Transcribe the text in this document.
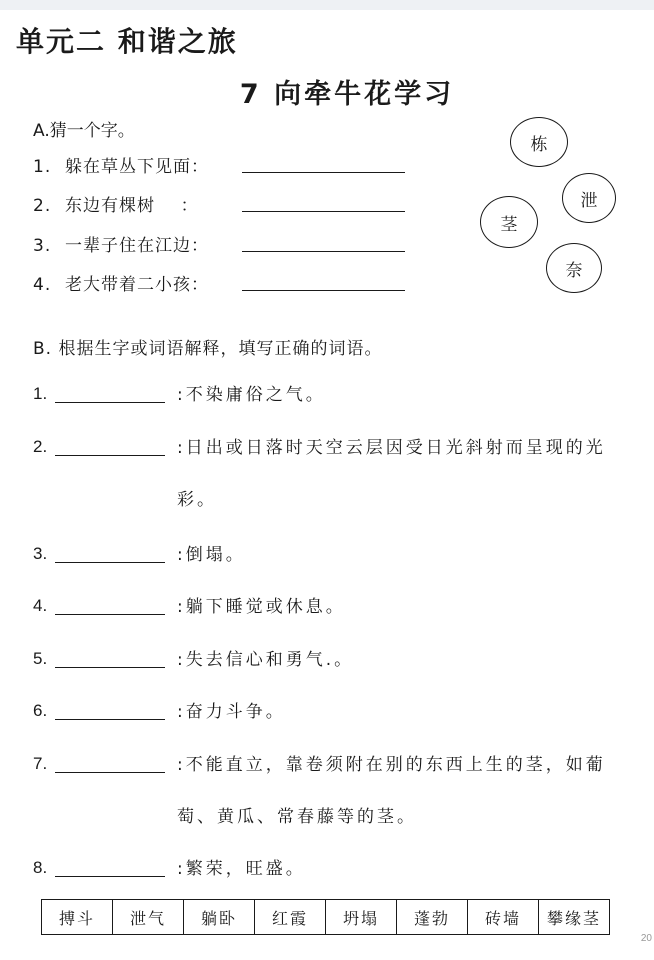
单元二 和谐之旅
7 向牵牛花学习
A.猜一个字。
1. 躲在草丛下见面：
2. 东边有棵树    ：
3. 一辈子住在江边：
4. 老大带着二小孩：
栋
泄
茎
奈
B. 根据生字或词语解释，填写正确的词语。
1.	:不染庸俗之气。
2.	:日出或日落时天空云层因受日光斜射而呈现的光彩。
3.	:倒塌。
4.	:躺下睡觉或休息。
5.	:失去信心和勇气.。
6.	:奋力斗争。
7.	:不能直立，靠卷须附在别的东西上生的茎，如葡萄、黄瓜、常春藤等的茎。
8.	:繁荣，旺盛。
搏斗	泄气	躺卧	红霞	坍塌	蓬勃	砖墙	攀缘茎
20
